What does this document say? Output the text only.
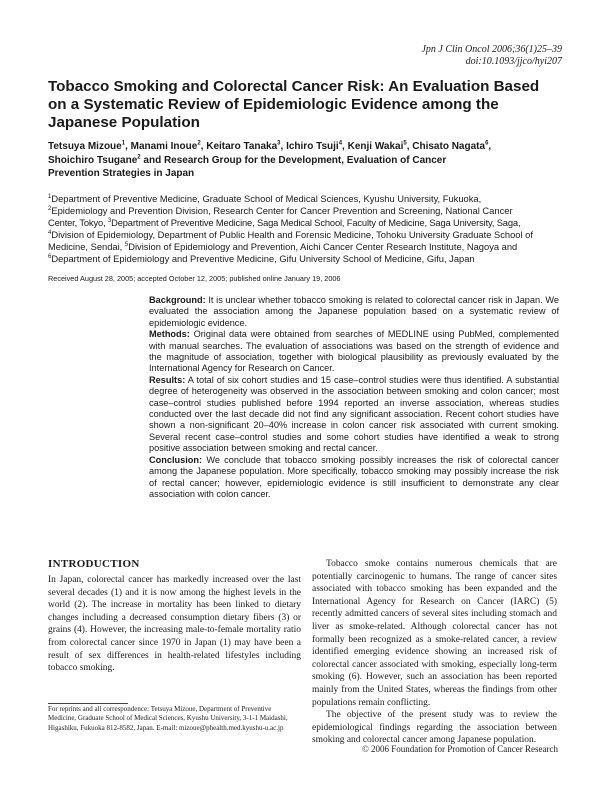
Jpn J Clin Oncol 2006;36(1)25–39
doi:10.1093/jjco/hyi207
Tobacco Smoking and Colorectal Cancer Risk: An Evaluation Based on a Systematic Review of Epidemiologic Evidence among the Japanese Population
Tetsuya Mizoue$^1$, Manami Inoue$^2$, Keitaro Tanaka$^3$, Ichiro Tsuji$^4$, Kenji Wakai$^5$, Chisato Nagata$^6$,
Shoichiro Tsugane$^2$ and Research Group for the Development, Evaluation of Cancer
Prevention Strategies in Japan
$^1$Department of Preventive Medicine, Graduate School of Medical Sciences, Kyushu University, Fukuoka,
$^2$Epidemiology and Prevention Division, Research Center for Cancer Prevention and Screening, National Cancer
Center, Tokyo, $^3$Department of Preventive Medicine, Saga Medical School, Faculty of Medicine, Saga University, Saga,
$^4$Division of Epidemiology, Department of Public Health and Forensic Medicine, Tohoku University Graduate School of
Medicine, Sendai, $^5$Division of Epidemiology and Prevention, Aichi Cancer Center Research Institute, Nagoya and
$^6$Department of Epidemiology and Preventive Medicine, Gifu University School of Medicine, Gifu, Japan
Received August 28, 2005; accepted October 12, 2005; published online January 19, 2006

Background: It is unclear whether tobacco smoking is related to colorectal cancer risk in Japan. We evaluated the association among the Japanese population based on a systematic review of epidemiologic evidence.

Methods: Original data were obtained from searches of MEDLINE using PubMed, complemented with manual searches. The evaluation of associations was based on the strength of evidence and the magnitude of association, together with biological plausibility as previously evaluated by the International Agency for Research on Cancer.

Results: A total of six cohort studies and 15 case–control studies were thus identified. A substantial degree of heterogeneity was observed in the association between smoking and colon cancer; most case–control studies published before 1994 reported an inverse association, whereas studies conducted over the last decade did not find any significant association. Recent cohort studies have shown a non-significant 20–40% increase in colon cancer risk associated with current smoking. Several recent case–control studies and some cohort studies have identified a weak to strong positive association between smoking and rectal cancer.

Conclusion: We conclude that tobacco smoking possibly increases the risk of colorectal cancer among the Japanese population. More specifically, tobacco smoking may possibly increase the risk of rectal cancer; however, epidemiologic evidence is still insufficient to demonstrate any clear association with colon cancer.

INTRODUCTION
In Japan, colorectal cancer has markedly increased over the last several decades (1) and it is now among the highest levels in the world (2). The increase in mortality has been linked to dietary changes including a decreased consumption dietary fibers (3) or grains (4). However, the increasing male-to-female mortality ratio from colorectal cancer since 1970 in Japan (1) may have been a result of sex differences in health-related lifestyles including tobacco smoking.

Tobacco smoke contains numerous chemicals that are potentially carcinogenic to humans. The range of cancer sites associated with tobacco smoking has been expanded and the International Agency for Research on Cancer (IARC) (5) recently admitted cancers of several sites including stomach and liver as smoke-related. Although colorectal cancer has not formally been recognized as a smoke-related cancer, a review identified emerging evidence showing an increased risk of colorectal cancer associated with smoking, especially long-term smoking (6). However, such an association has been reported mainly from the United States, whereas the findings from other populations remain conflicting.

The objective of the present study was to review the epidemiological findings regarding the association between smoking and colorectal cancer among Japanese population.

For reprints and all correspondence: Tetsuya Mizoue, Department of Preventive Medicine, Graduate School of Medical Sciences, Kyushu University, 3-1-1 Maidashi, Higashiku, Fukuoka 812-8582, Japan. E-mail: mizoue@phealth.med.kyushu-u.ac.jp
© 2006 Foundation for Promotion of Cancer Research
